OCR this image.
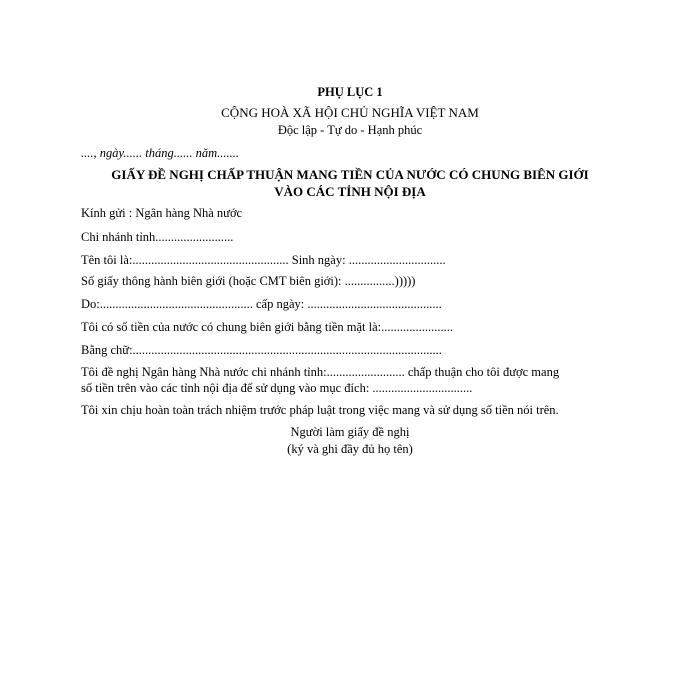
PHỤ LỤC 1
CỘNG HOÀ XÃ HỘI CHỦ NGHĨA VIỆT NAM
Độc lập - Tự do - Hạnh phúc
...., ngày...... tháng...... năm.......
GIẤY ĐỀ NGHỊ CHẤP THUẬN MANG TIỀN CỦA NƯỚC CÓ CHUNG BIÊN GIỚI
VÀO CÁC TỈNH NỘI ĐỊA
Kính gửi : Ngân hàng Nhà nước
Chi nhánh tỉnh.........................
Tên tôi là:.................................................. Sinh ngày: ...............................
Số giấy thông hành biên giới (hoặc CMT biên giới): ................)))))
Do:................................................. cấp ngày: ...........................................
Tôi có số tiền của nước có chung biên giới bằng tiền mặt là:.......................
Bằng chữ:...................................................................................................
Tôi đề nghị Ngân hàng Nhà nước chi nhánh tỉnh:......................... chấp thuận cho tôi được mang
số tiền trên vào các tỉnh nội địa để sử dụng vào mục đích: ................................
Tôi xin chịu hoàn toàn trách nhiệm trước pháp luật trong việc mang và sử dụng số tiền nói trên.
Người làm giấy đề nghị
(ký và ghi đầy đủ họ tên)
